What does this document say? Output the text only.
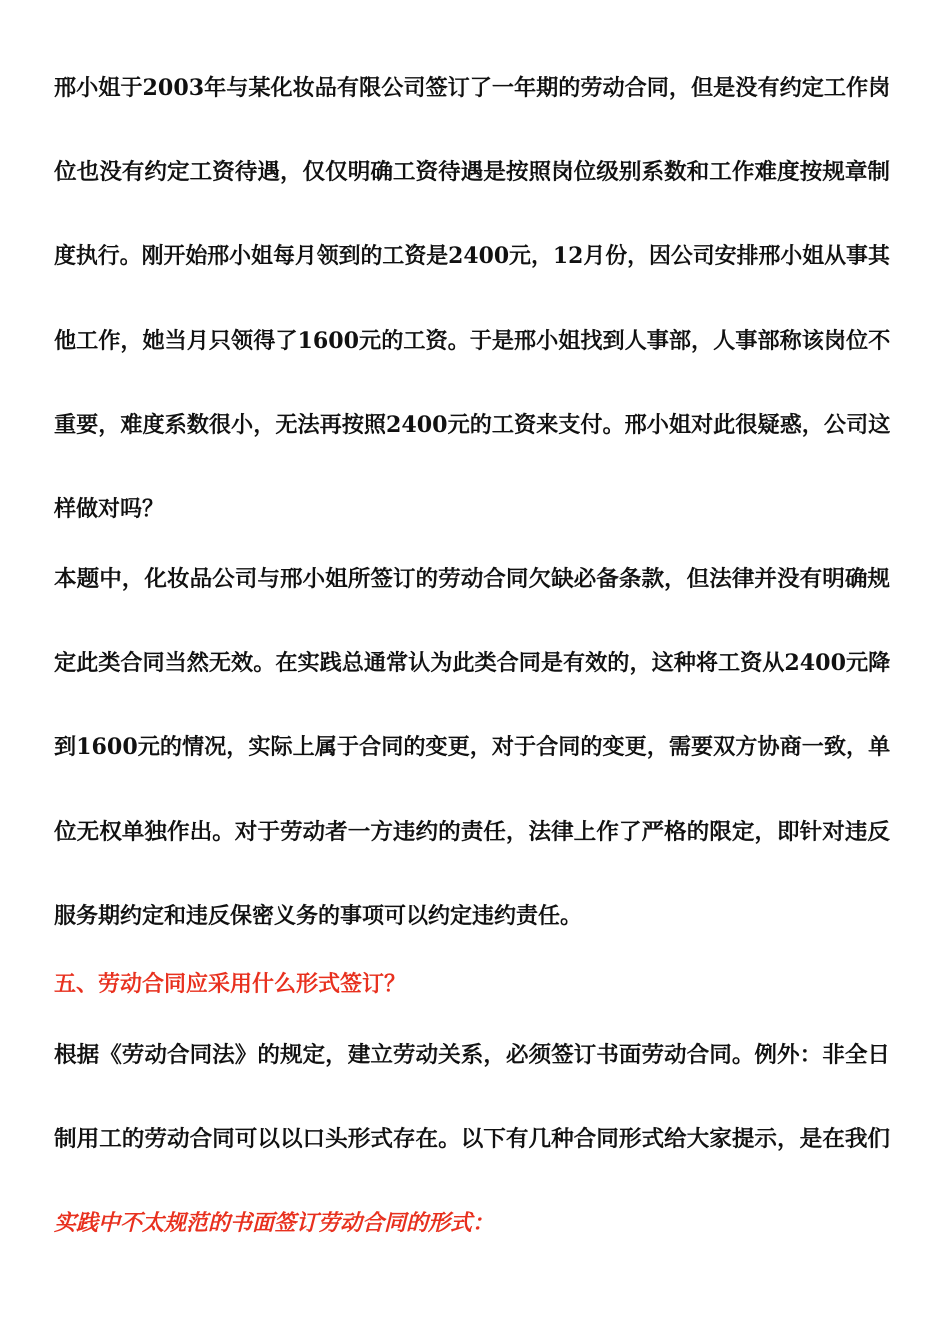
邢小姐于2003年与某化妆品有限公司签订了一年期的劳动合同，但是没有约定工作岗

位也没有约定工资待遇，仅仅明确工资待遇是按照岗位级别系数和工作难度按规章制

度执行。刚开始邢小姐每月领到的工资是2400元，12月份，因公司安排邢小姐从事其

他工作，她当月只领得了1600元的工资。于是邢小姐找到人事部，人事部称该岗位不

重要，难度系数很小，无法再按照2400元的工资来支付。邢小姐对此很疑惑，公司这

样做对吗？

本题中，化妆品公司与邢小姐所签订的劳动合同欠缺必备条款，但法律并没有明确规

定此类合同当然无效。在实践总通常认为此类合同是有效的，这种将工资从2400元降

到1600元的情况，实际上属于合同的变更，对于合同的变更，需要双方协商一致，单

位无权单独作出。对于劳动者一方违约的责任，法律上作了严格的限定，即针对违反

服务期约定和违反保密义务的事项可以约定违约责任。

五、劳动合同应采用什么形式签订？

根据《劳动合同法》的规定，建立劳动关系，必须签订书面劳动合同。例外：非全日

制用工的劳动合同可以以口头形式存在。以下有几种合同形式给大家提示，是在我们

实践中不太规范的书面签订劳动合同的形式：
